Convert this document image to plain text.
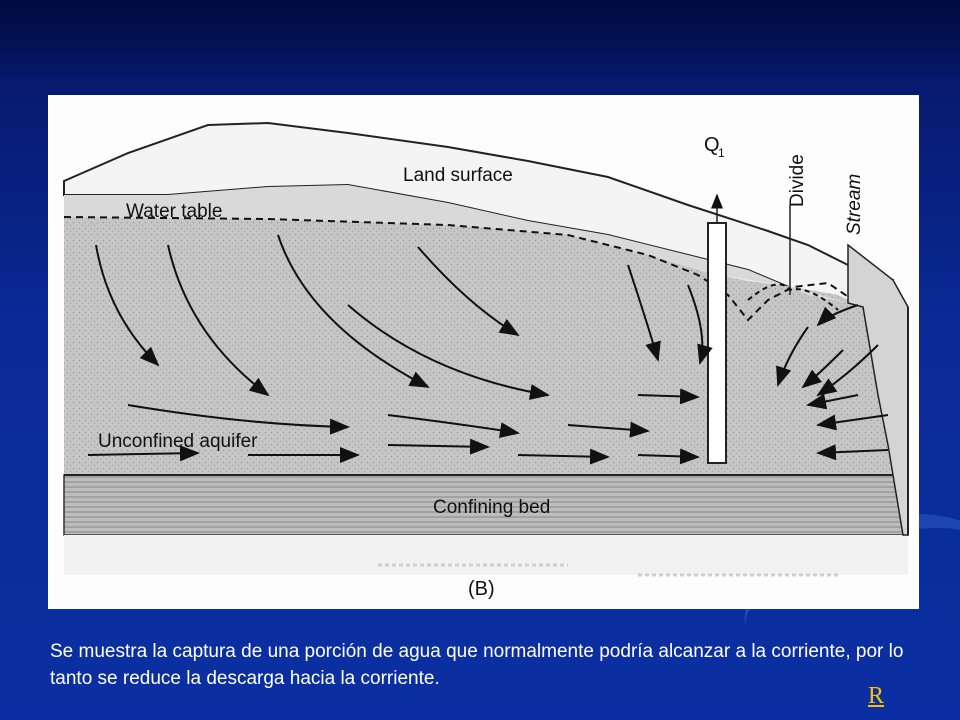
Land surface
Water table
Unconfined aquifer
Confining bed
(B)
Q
1
Divide Stream
Se muestra la captura de una porción de agua que normalmente podría alcanzar a la corriente, por lo tanto se reduce la descarga hacia la corriente.
R
